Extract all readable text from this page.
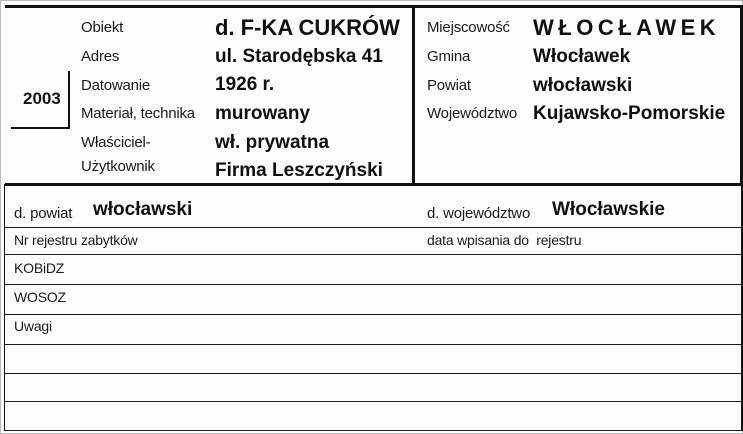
2003
Obiekt	d. F-KA CUKRÓW
Adres	ul. Starodębska 41
Datowanie	1926 r.
Materiał, technika murowany
Właściciel-	wł. prywatna
Użytkownik	Firma Leszczyński
Miejscowość WŁOCŁAWEK
Gmina	Włocławek
Powiat	włocławski
Województwo Kujawsko-Pomorskie
d. powiat włocławski	d. województwo Włocławskie
Nr rejestru zabytków	data wpisania do  rejestru
KOBiDZ
WOSOZ
Uwagi
